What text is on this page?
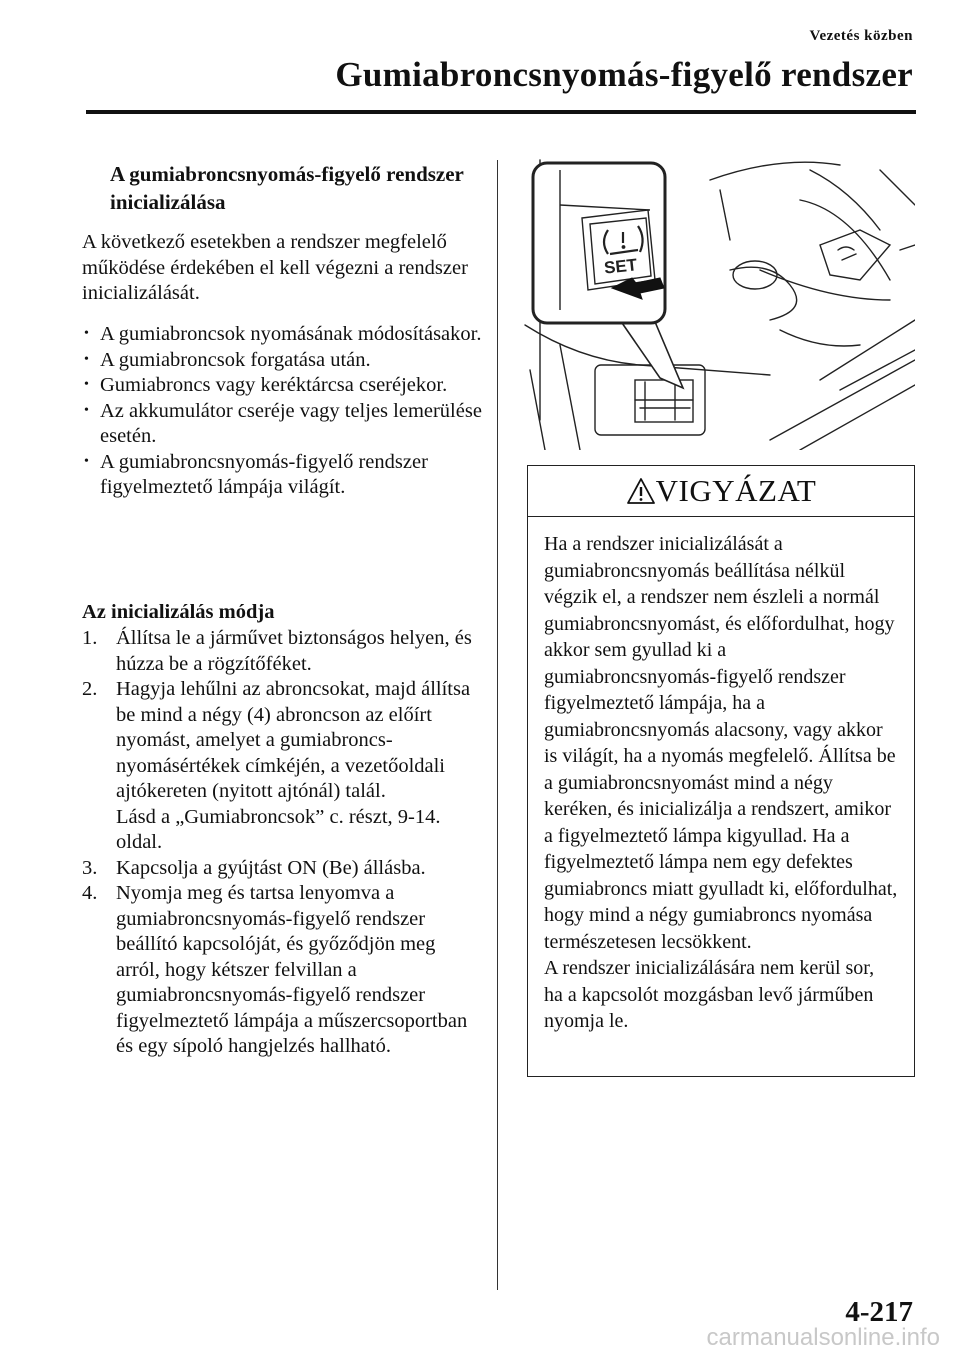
Vezetés közben
Gumiabroncsnyomás-figyelő rendszer
A gumiabroncsnyomás-figyelő rendszer inicializálása
A következő esetekben a rendszer megfelelő működése érdekében el kell végezni a rendszer inicializálását.
• A gumiabroncsok nyomásának módosításakor.
• A gumiabroncsok forgatása után.
• Gumiabroncs vagy keréktárcsa cseréjekor.
• Az akkumulátor cseréje vagy teljes lemerülése esetén.
• A gumiabroncsnyomás-figyelő rendszer figyelmeztető lámpája világít.
Az inicializálás módja
1. Állítsa le a járművet biztonságos helyen, és húzza be a rögzítőféket.
2. Hagyja lehűlni az abroncsokat, majd állítsa be mind a négy (4) abroncson az előírt nyomást, amelyet a gumiabroncs-nyomásértékek címkéjén, a vezetőoldali ajtókereten (nyitott ajtónál) talál.
Lásd a „Gumiabroncsok” c. részt, 9-14. oldal.
3. Kapcsolja a gyújtást ON (Be) állásba.
4. Nyomja meg és tartsa lenyomva a gumiabroncsnyomás-figyelő rendszer beállító kapcsolóját, és győződjön meg arról, hogy kétszer felvillan a gumiabroncsnyomás-figyelő rendszer figyelmeztető lámpája a műszercsoportban és egy sípoló hangjelzés hallható.
SET
VIGYÁZAT
Ha a rendszer inicializálását a gumiabroncsnyomás beállítása nélkül végzik el, a rendszer nem észleli a normál gumiabroncsnyomást, és előfordulhat, hogy akkor sem gyullad ki a gumiabroncsnyomás-figyelő rendszer figyelmeztető lámpája, ha a gumiabroncsnyomás alacsony, vagy akkor is világít, ha a nyomás megfelelő. Állítsa be a gumiabroncsnyomást mind a négy keréken, és inicializálja a rendszert, amikor a figyelmeztető lámpa kigyullad. Ha a figyelmeztető lámpa nem egy defektes gumiabroncs miatt gyulladt ki, előfordulhat, hogy mind a négy gumiabroncs nyomása természetesen lecsökkent.
A rendszer inicializálására nem kerül sor, ha a kapcsolót mozgásban levő járműben nyomja le.
4-217
carmanualsonline.info
